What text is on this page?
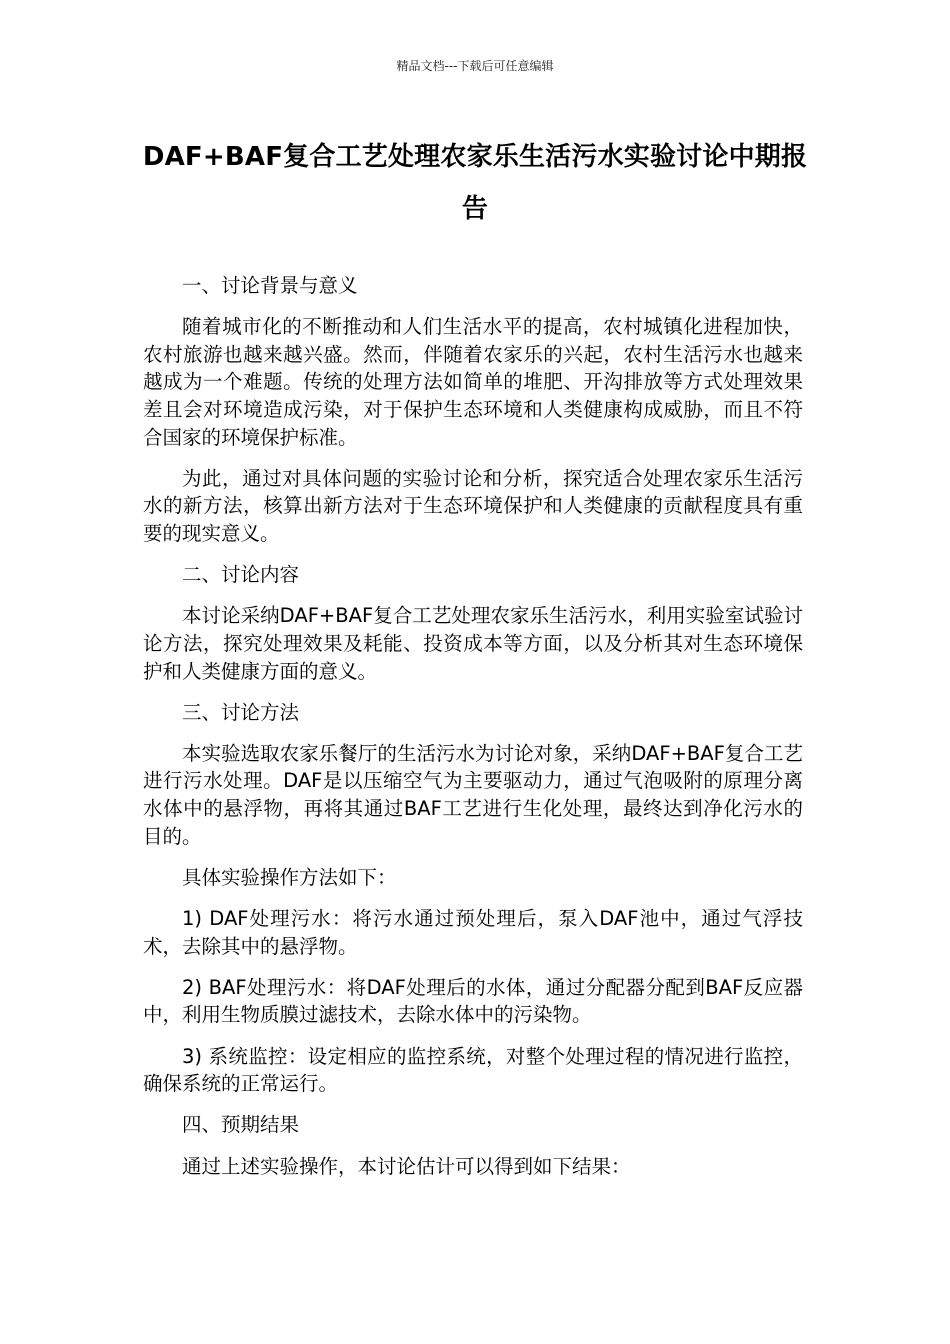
精品文档---下载后可任意编辑
DAF+BAF复合工艺处理农家乐生活污水实验讨论中期报告

一、讨论背景与意义

随着城市化的不断推动和人们生活水平的提高，农村城镇化进程加快，农村旅游也越来越兴盛。然而，伴随着农家乐的兴起，农村生活污水也越来越成为一个难题。传统的处理方法如简单的堆肥、开沟排放等方式处理效果差且会对环境造成污染，对于保护生态环境和人类健康构成威胁，而且不符合国家的环境保护标准。

为此，通过对具体问题的实验讨论和分析，探究适合处理农家乐生活污水的新方法，核算出新方法对于生态环境保护和人类健康的贡献程度具有重要的现实意义。

二、讨论内容

本讨论采纳DAF+BAF复合工艺处理农家乐生活污水，利用实验室试验讨论方法，探究处理效果及耗能、投资成本等方面，以及分析其对生态环境保护和人类健康方面的意义。

三、讨论方法

本实验选取农家乐餐厅的生活污水为讨论对象，采纳DAF+BAF复合工艺进行污水处理。DAF是以压缩空气为主要驱动力，通过气泡吸附的原理分离水体中的悬浮物，再将其通过BAF工艺进行生化处理，最终达到净化污水的目的。

具体实验操作方法如下：

1) DAF处理污水：将污水通过预处理后，泵入DAF池中，通过气浮技术，去除其中的悬浮物。

2) BAF处理污水：将DAF处理后的水体，通过分配器分配到BAF反应器中，利用生物质膜过滤技术，去除水体中的污染物。

3) 系统监控：设定相应的监控系统，对整个处理过程的情况进行监控，确保系统的正常运行。

四、预期结果

通过上述实验操作，本讨论估计可以得到如下结果：
